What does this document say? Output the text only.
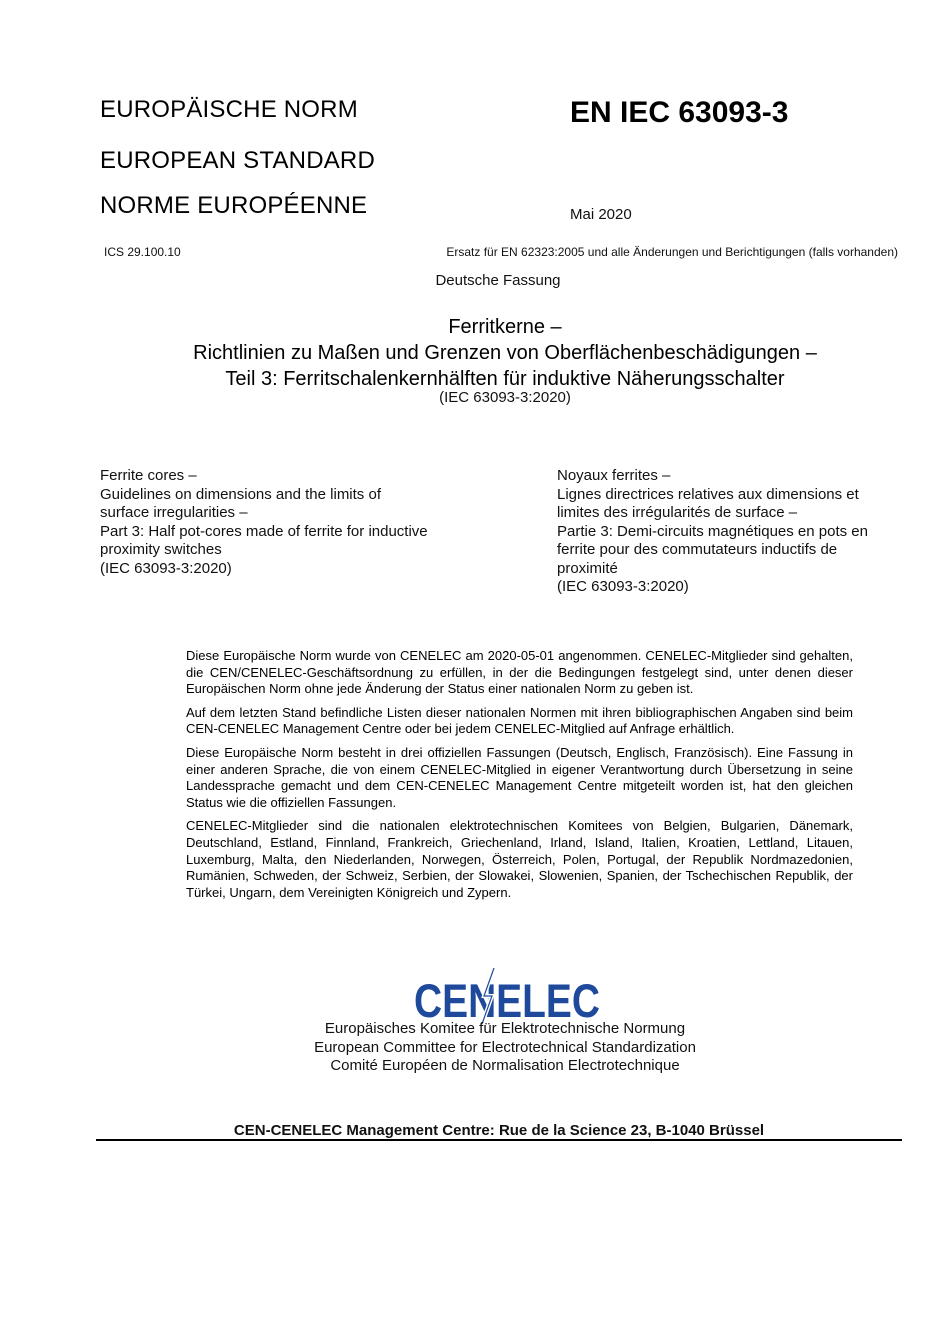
EUROPÄISCHE NORM
EUROPEAN STANDARD
NORME EUROPÉENNE
EN IEC 63093-3
Mai 2020
ICS 29.100.10	Ersatz für EN 62323:2005 und alle Änderungen und Berichtigungen (falls vorhanden)
Deutsche Fassung
Ferritkerne –
Richtlinien zu Maßen und Grenzen von Oberflächenbeschädigungen –
Teil 3: Ferritschalenkernhälften für induktive Näherungsschalter
(IEC 63093-3:2020)
Ferrite cores –
Guidelines on dimensions and the limits of
surface irregularities –
Part 3: Half pot-cores made of ferrite for inductive
proximity switches
(IEC 63093-3:2020)
Noyaux ferrites –
Lignes directrices relatives aux dimensions et
limites des irrégularités de surface –
Partie 3: Demi-circuits magnétiques en pots en
ferrite pour des commutateurs inductifs de
proximité
(IEC 63093-3:2020)

Diese Europäische Norm wurde von CENELEC am 2020-05-01 angenommen. CENELEC-Mitglieder sind gehalten, die CEN/CENELEC-Geschäftsordnung zu erfüllen, in der die Bedingungen festgelegt sind, unter denen dieser Europäischen Norm ohne jede Änderung der Status einer nationalen Norm zu geben ist.

Auf dem letzten Stand befindliche Listen dieser nationalen Normen mit ihren bibliographischen Angaben sind beim CEN-CENELEC Management Centre oder bei jedem CENELEC-Mitglied auf Anfrage erhältlich.

Diese Europäische Norm besteht in drei offiziellen Fassungen (Deutsch, Englisch, Französisch). Eine Fassung in einer anderen Sprache, die von einem CENELEC-Mitglied in eigener Verantwortung durch Übersetzung in seine Landessprache gemacht und dem CEN-CENELEC Management Centre mitgeteilt worden ist, hat den gleichen Status wie die offiziellen Fassungen.

CENELEC-Mitglieder sind die nationalen elektrotechnischen Komitees von Belgien, Bulgarien, Dänemark, Deutschland, Estland, Finnland, Frankreich, Griechenland, Irland, Island, Italien, Kroatien, Lettland, Litauen, Luxemburg, Malta, den Niederlanden, Norwegen, Österreich, Polen, Portugal, der Republik Nordmazedonien, Rumänien, Schweden, der Schweiz, Serbien, der Slowakei, Slowenien, Spanien, der Tschechischen Republik, der Türkei, Ungarn, dem Vereinigten Königreich und Zypern.

CENELEC
Europäisches Komitee für Elektrotechnische Normung
European Committee for Electrotechnical Standardization
Comité Européen de Normalisation Electrotechnique
CEN-CENELEC Management Centre: Rue de la Science 23, B-1040 Brüssel
